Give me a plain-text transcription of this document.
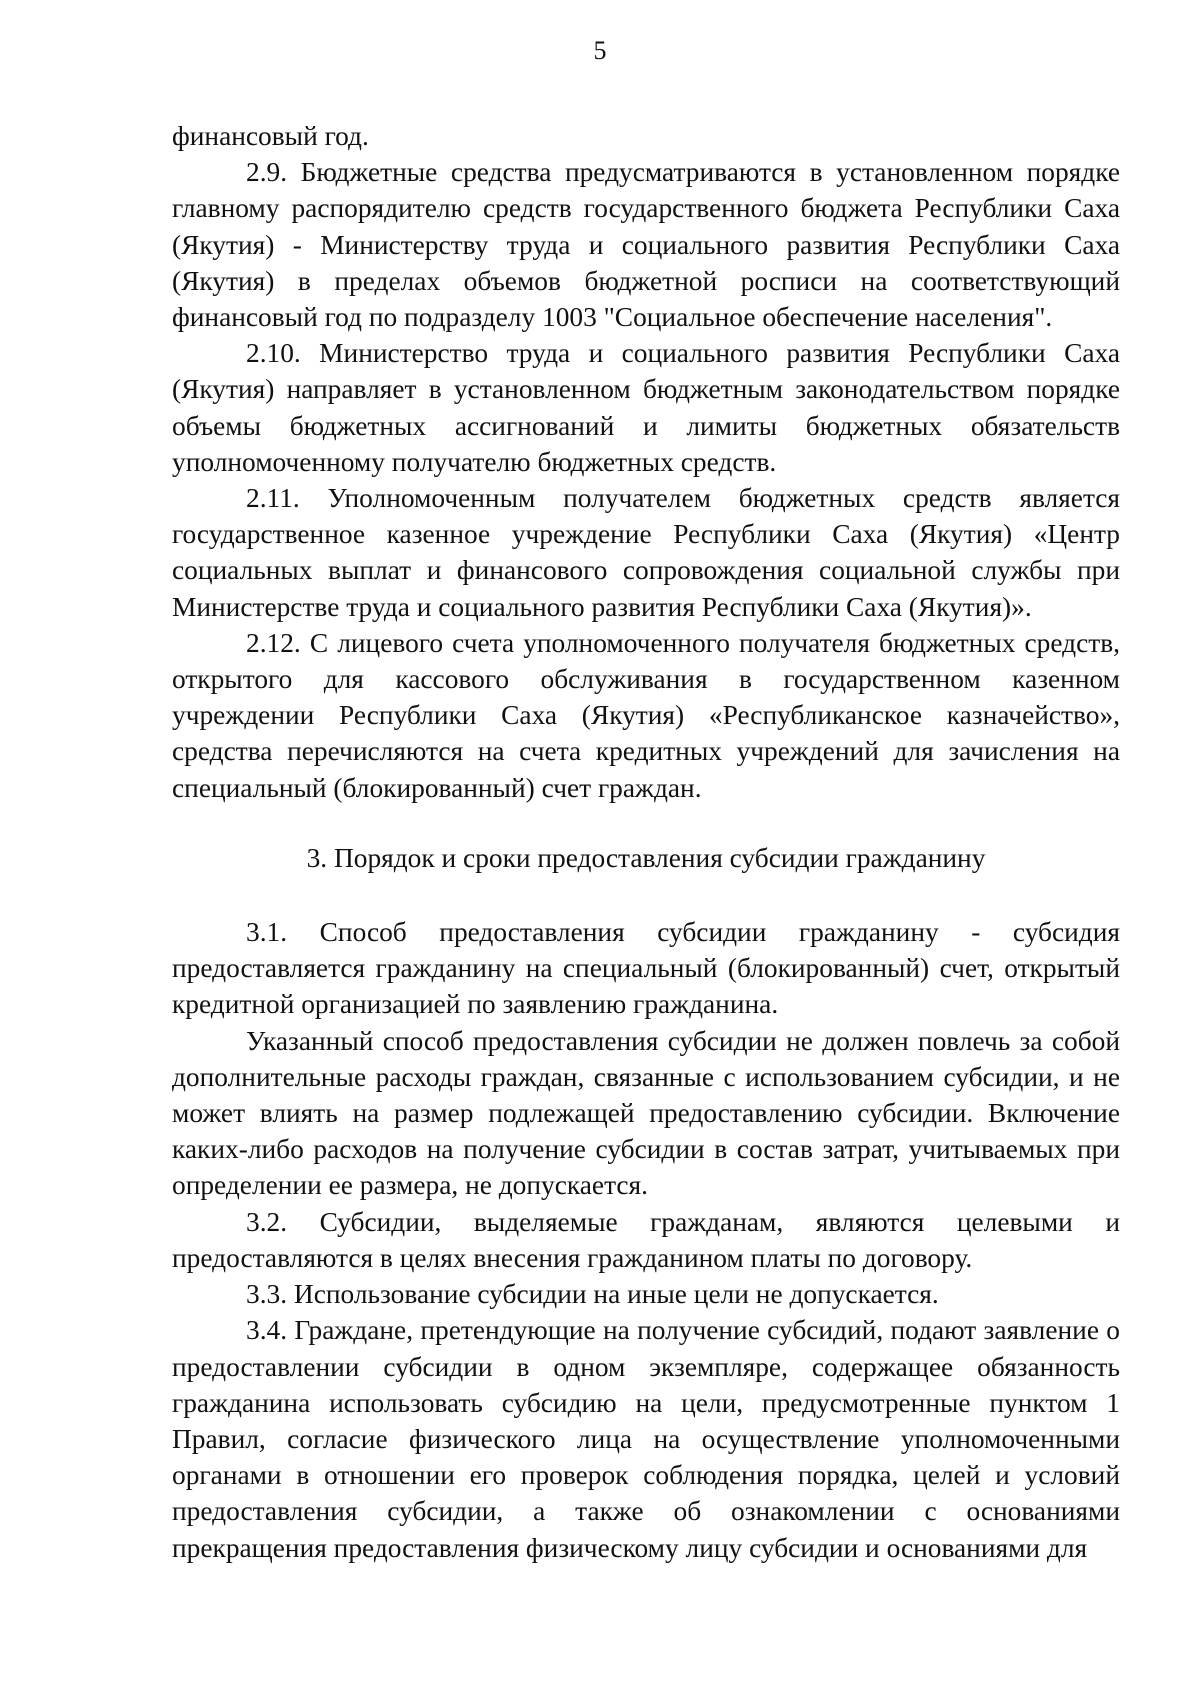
5

финансовый год.

2.9. Бюджетные средства предусматриваются в установленном порядке главному распорядителю средств государственного бюджета Республики Саха (Якутия) - Министерству труда и социального развития Республики Саха (Якутия) в пределах объемов бюджетной росписи на соответствующий финансовый год по подразделу 1003 "Социальное обеспечение населения".

2.10. Министерство труда и социального развития Республики Саха (Якутия) направляет в установленном бюджетным законодательством порядке объемы бюджетных ассигнований и лимиты бюджетных обязательств уполномоченному получателю бюджетных средств.

2.11. Уполномоченным получателем бюджетных средств является государственное казенное учреждение Республики Саха (Якутия) «Центр социальных выплат и финансового сопровождения социальной службы при Министерстве труда и социального развития Республики Саха (Якутия)».

2.12. С лицевого счета уполномоченного получателя бюджетных средств, открытого для кассового обслуживания в государственном казенном учреждении Республики Саха (Якутия) «Республиканское казначейство», средства перечисляются на счета кредитных учреждений для зачисления на специальный (блокированный) счет граждан.

3. Порядок и сроки предоставления субсидии гражданину

3.1. Способ предоставления субсидии гражданину - субсидия предоставляется гражданину на специальный (блокированный) счет, открытый кредитной организацией по заявлению гражданина.

Указанный способ предоставления субсидии не должен повлечь за собой дополнительные расходы граждан, связанные с использованием субсидии, и не может влиять на размер подлежащей предоставлению субсидии. Включение каких-либо расходов на получение субсидии в состав затрат, учитываемых при определении ее размера, не допускается.

3.2. Субсидии, выделяемые гражданам, являются целевыми и предоставляются в целях внесения гражданином платы по договору.

3.3. Использование субсидии на иные цели не допускается.

3.4. Граждане, претендующие на получение субсидий, подают заявление о предоставлении субсидии в одном экземпляре, содержащее обязанность гражданина использовать субсидию на цели, предусмотренные пунктом 1 Правил, согласие физического лица на осуществление уполномоченными органами в отношении его проверок соблюдения порядка, целей и условий предоставления субсидии, а также об ознакомлении с основаниями прекращения предоставления физическому лицу субсидии и основаниями для
